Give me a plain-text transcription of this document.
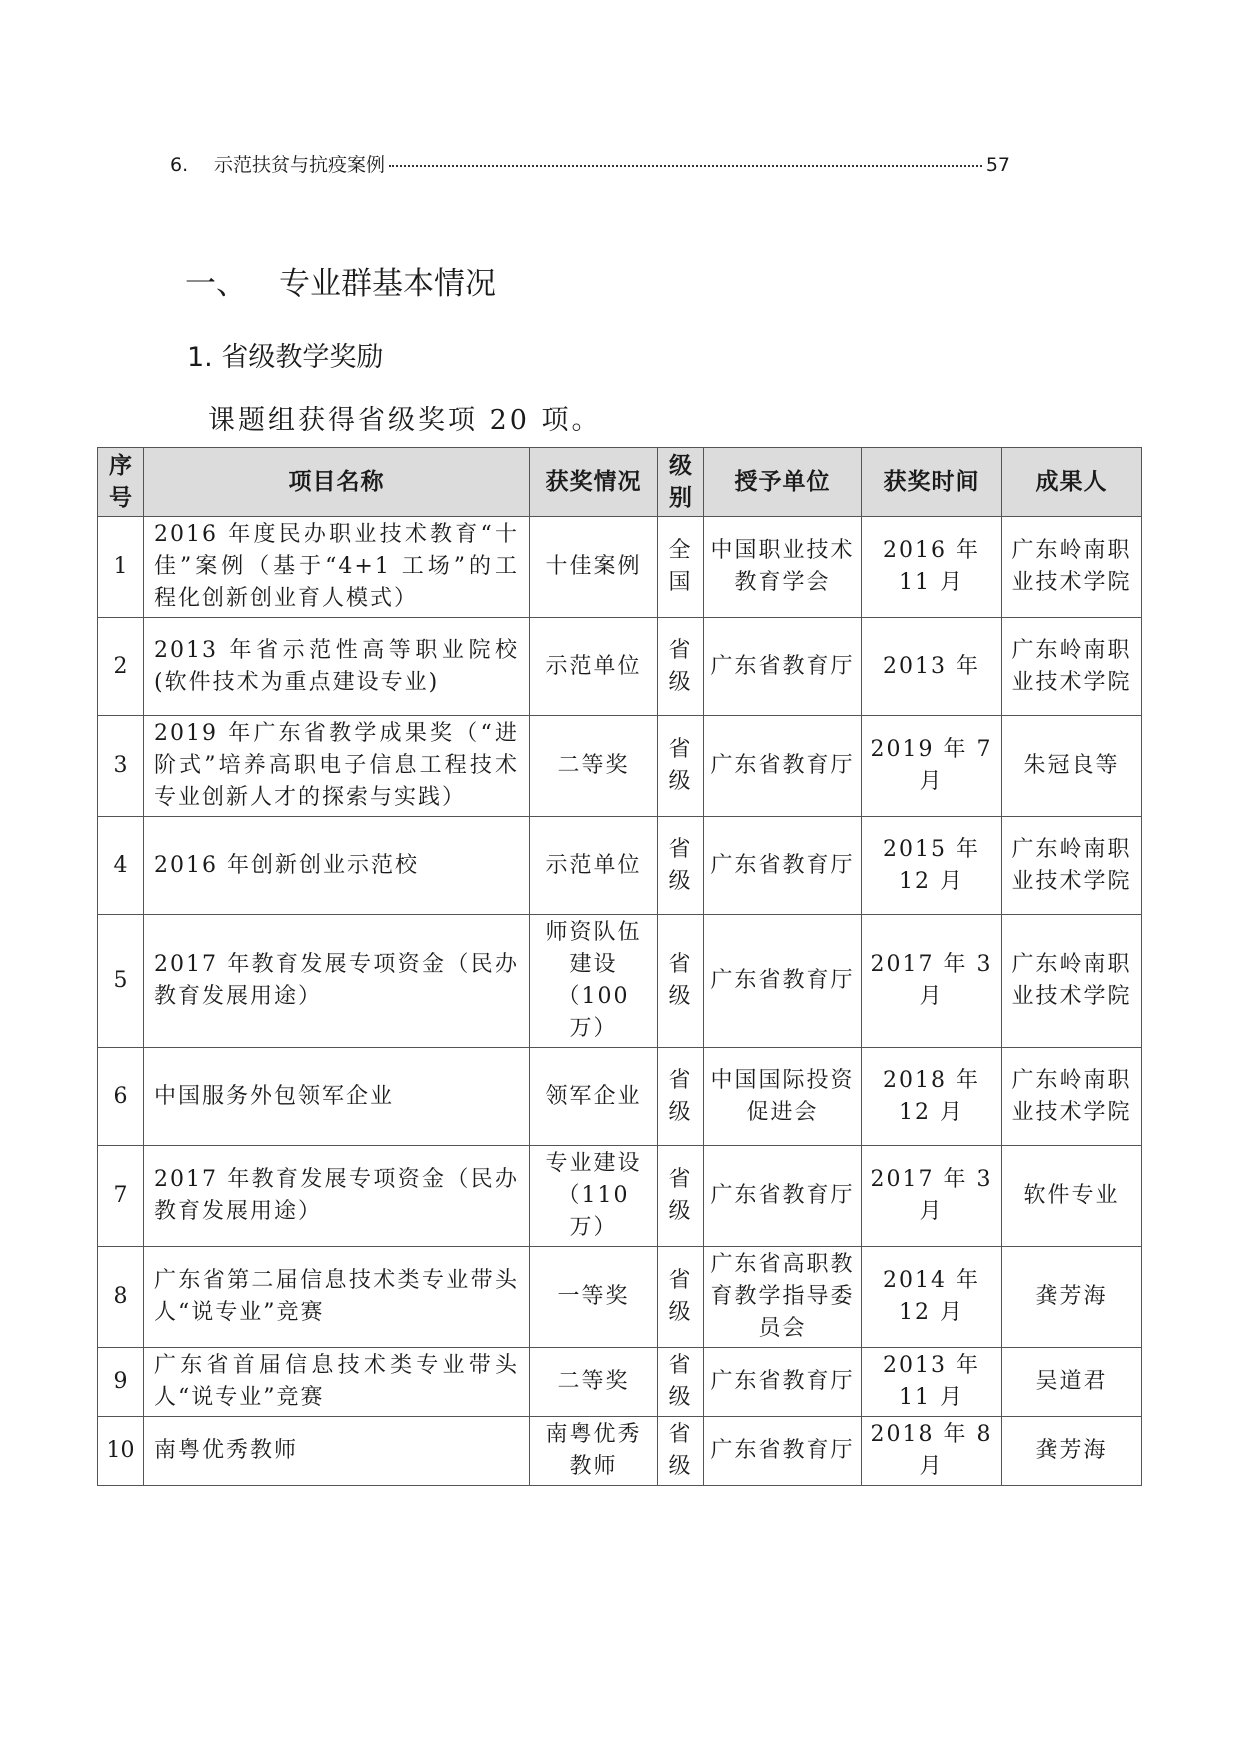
6.	示范扶贫与抗疫案例	57
一、	专业群基本情况
1. 省级教学奖励
课题组获得省级奖项 20 项。
序号	项目名称	获奖情况	级别	授予单位	获奖时间	成果人
1	2016 年度民办职业技术教育“十佳”案例（基于“4+1 工场”的工程化创新创业育人模式）	十佳案例	全国	中国职业技术教育学会	2016 年 11 月	广东岭南职业技术学院
2	2013 年省示范性高等职业院校(软件技术为重点建设专业)	示范单位	省级	广东省教育厅	2013 年	广东岭南职业技术学院
3	2019 年广东省教学成果奖（“进阶式”培养高职电子信息工程技术专业创新人才的探索与实践）	二等奖	省级	广东省教育厅	2019 年 7 月	朱冠良等
4	2016 年创新创业示范校	示范单位	省级	广东省教育厅	2015 年 12 月	广东岭南职业技术学院
5	2017 年教育发展专项资金（民办教育发展用途）	师资队伍建设（100 万）	省级	广东省教育厅	2017 年 3 月	广东岭南职业技术学院
6	中国服务外包领军企业	领军企业	省级	中国国际投资促进会	2018 年 12 月	广东岭南职业技术学院
7	2017 年教育发展专项资金（民办教育发展用途）	专业建设（110 万）	省级	广东省教育厅	2017 年 3 月	软件专业
8	广东省第二届信息技术类专业带头人“说专业”竞赛	一等奖	省级	广东省高职教育教学指导委员会	2014 年 12 月	龚芳海
9	广东省首届信息技术类专业带头人“说专业”竞赛	二等奖	省级	广东省教育厅	2013 年 11 月	吴道君
10	南粤优秀教师	南粤优秀教师	省级	广东省教育厅	2018 年 8 月	龚芳海
